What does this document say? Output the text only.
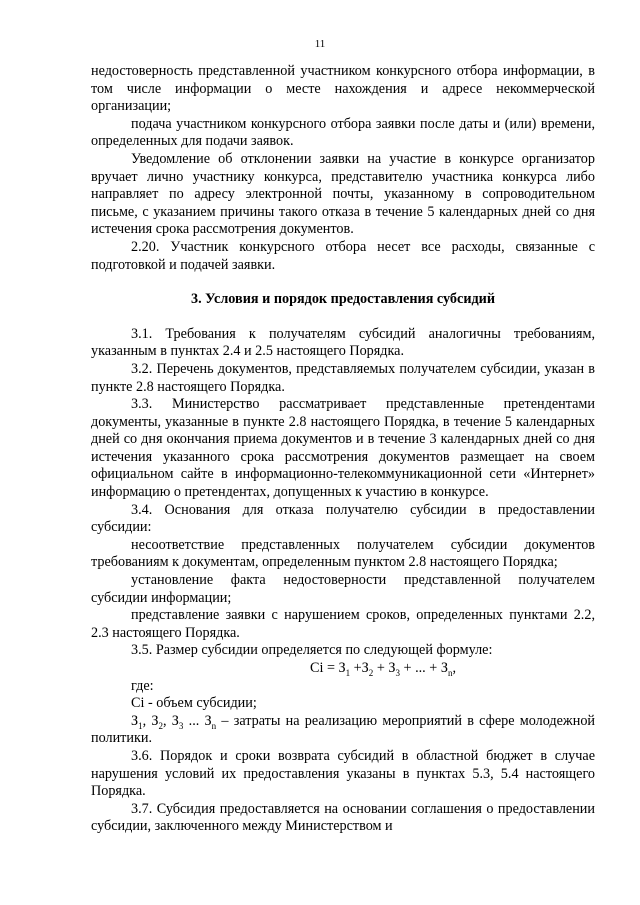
11

недостоверность представленной участником конкурсного отбора информации, в том числе информации о месте нахождения и адресе некоммерческой организации;

подача участником конкурсного отбора заявки после даты и (или) времени, определенных для подачи заявок.

Уведомление об отклонении заявки на участие в конкурсе организатор вручает лично участнику конкурса, представителю участника конкурса либо направляет по адресу электронной почты, указанному в сопроводительном письме, с указанием причины такого отказа в течение 5 календарных дней со дня истечения срока рассмотрения документов.

2.20. Участник конкурсного отбора несет все расходы, связанные с подготовкой и подачей заявки.

3. Условия и порядок предоставления субсидий

3.1. Требования к получателям субсидий аналогичны требованиям, указанным в пунктах 2.4 и 2.5 настоящего Порядка.

3.2. Перечень документов, представляемых получателем субсидии, указан в пункте 2.8 настоящего Порядка.

3.3. Министерство рассматривает представленные претендентами документы, указанные в пункте 2.8 настоящего Порядка, в течение 5 календарных дней со дня окончания приема документов и в течение 3 календарных дней со дня истечения указанного срока рассмотрения документов размещает на своем официальном сайте в информационно-телекоммуникационной сети «Интернет» информацию о претендентах, допущенных к участию в конкурсе.

3.4. Основания для отказа получателю субсидии в предоставлении субсидии:

несоответствие представленных получателем субсидии документов требованиям к документам, определенным пунктом 2.8 настоящего Порядка;

установление факта недостоверности представленной получателем субсидии информации;

представление заявки с нарушением сроков, определенных пунктами 2.2, 2.3 настоящего Порядка.

3.5. Размер субсидии определяется по следующей формуле:

$Ci = З_1 +З_2 + З_3$ + ... + $З_n$,

где:

Ci - объем субсидии;

$З_1$, $З_2$, $З_3$ ... $З_n$ – затраты на реализацию мероприятий в сфере молодежной политики.

3.6. Порядок и сроки возврата субсидий в областной бюджет в случае нарушения условий их предоставления указаны в пунктах 5.3, 5.4 настоящего Порядка.

3.7. Субсидия предоставляется на основании соглашения о предоставлении субсидии, заключенного между Министерством и
